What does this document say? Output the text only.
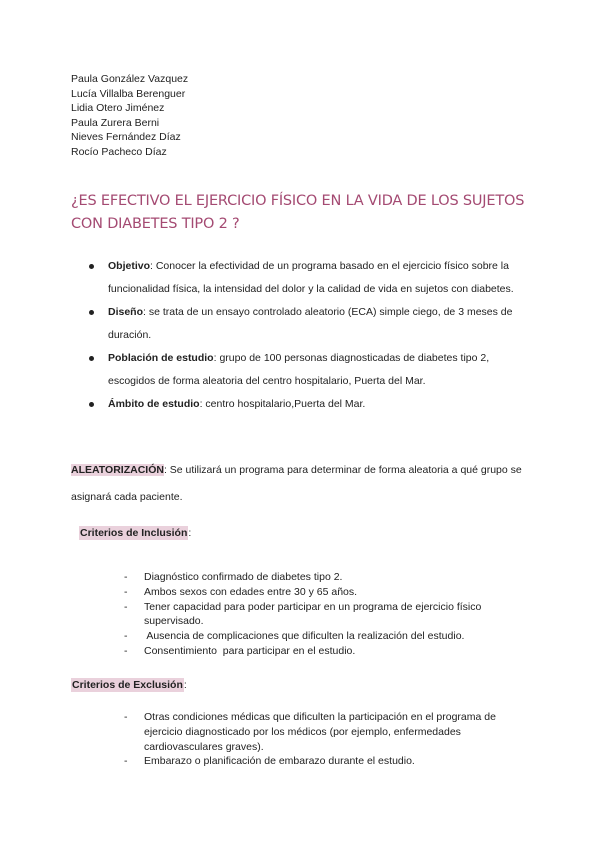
Paula González Vazquez
Lucía Villalba Berenguer
Lidia Otero Jiménez
Paula Zurera Berni
Nieves Fernández Díaz
Rocío Pacheco Díaz
¿ES EFECTIVO EL EJERCICIO FÍSICO EN LA VIDA DE LOS SUJETOS CON DIABETES TIPO 2 ?
Objetivo: Conocer la efectividad de un programa basado en el ejercicio físico sobre la funcionalidad física, la intensidad del dolor y la calidad de vida en sujetos con diabetes.
Diseño: se trata de un ensayo controlado aleatorio (ECA) simple ciego, de 3 meses de duración.
Población de estudio: grupo de 100 personas diagnosticadas de diabetes tipo 2, escogidos de forma aleatoria del centro hospitalario, Puerta del Mar.
Ámbito de estudio: centro hospitalario,Puerta del Mar.
ALEATORIZACIÓN: Se utilizará un programa para determinar de forma aleatoria a qué grupo se asignará cada paciente.
Criterios de Inclusión:
- Diagnóstico confirmado de diabetes tipo 2.
- Ambos sexos con edades entre 30 y 65 años.
- Tener capacidad para poder participar en un programa de ejercicio físico supervisado.
- Ausencia de complicaciones que dificulten la realización del estudio.
- Consentimiento  para participar en el estudio.
Criterios de Exclusión:
- Otras condiciones médicas que dificulten la participación en el programa de ejercicio diagnosticado por los médicos (por ejemplo, enfermedades cardiovasculares graves).
- Embarazo o planificación de embarazo durante el estudio.
